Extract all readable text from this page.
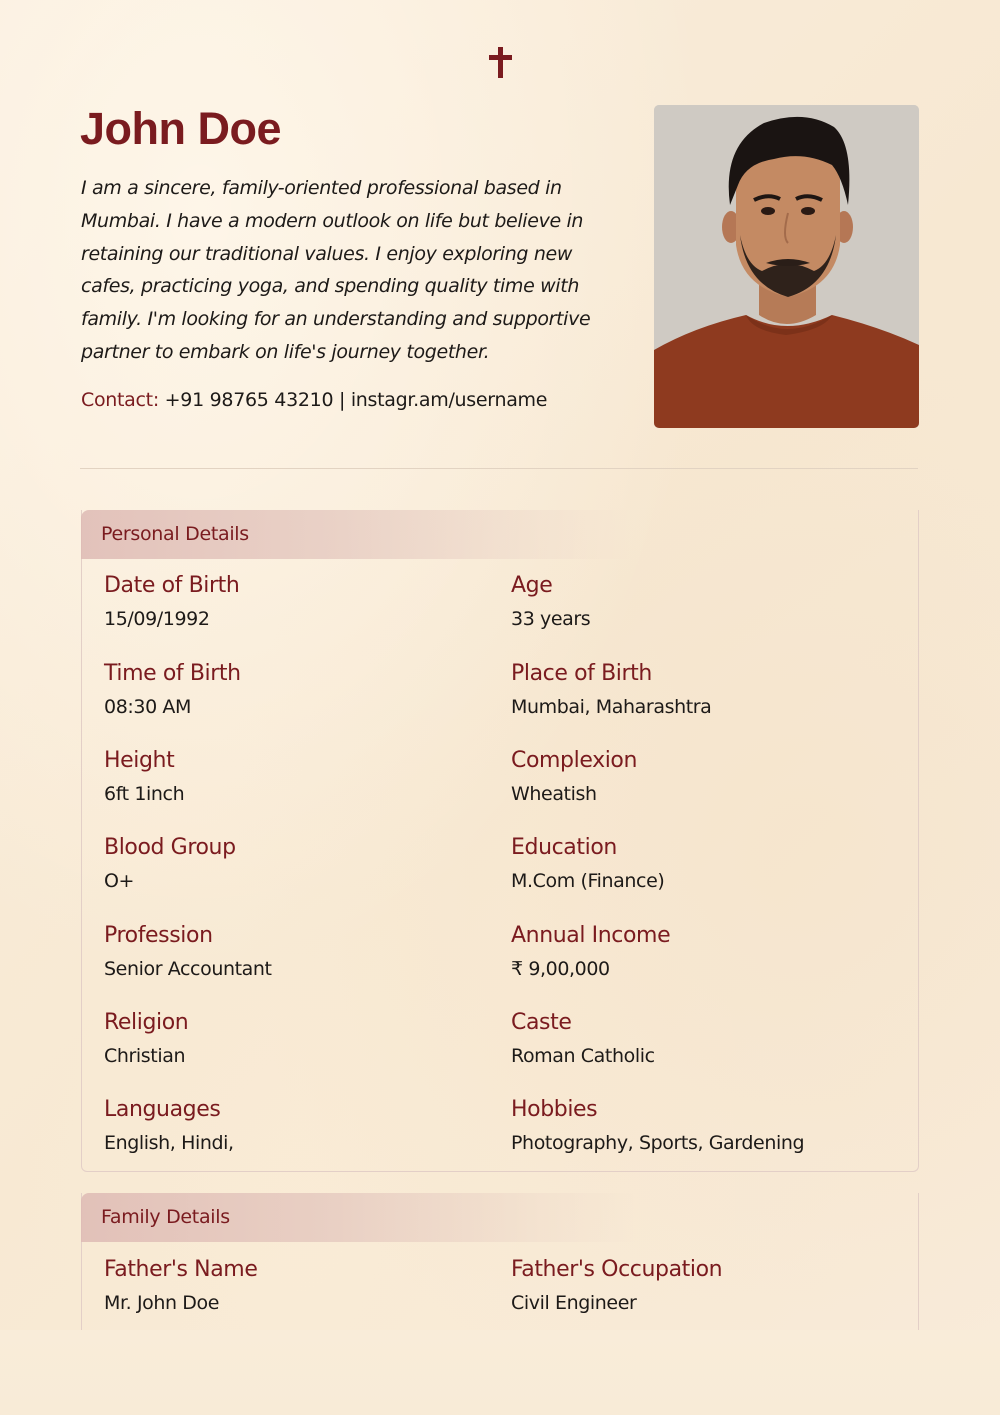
John Doe

I am a sincere, family-oriented professional based in Mumbai. I have a modern outlook on life but believe in retaining our traditional values. I enjoy exploring new cafes, practicing yoga, and spending quality time with family. I'm looking for an understanding and supportive partner to embark on life's journey together.

Contact: +91 98765 43210 | instagr.am/username
Personal Details
Date of Birth
15/09/1992
Age
33 years
Time of Birth
08:30 AM
Place of Birth
Mumbai, Maharashtra
Height
6ft 1inch
Complexion
Wheatish
Blood Group
O+
Education
M.Com (Finance)
Profession
Senior Accountant
Annual Income
₹ 9,00,000
Religion
Christian
Caste
Roman Catholic
Languages
English, Hindi,
Hobbies
Photography, Sports, Gardening
Family Details
Father's Name
Mr. John Doe
Father's Occupation
Civil Engineer
